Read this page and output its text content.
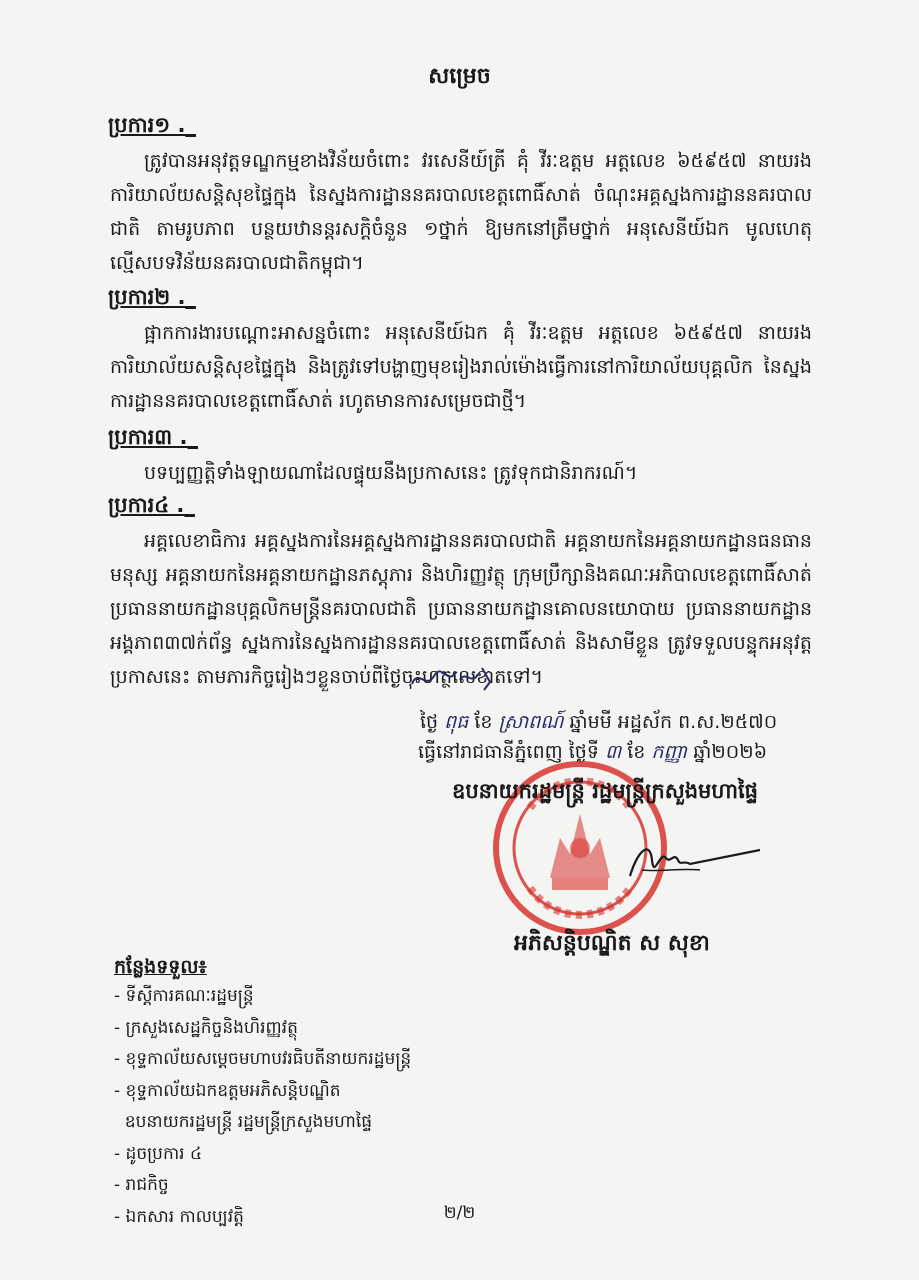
សម្រេច
ប្រការ១ ._
ត្រូវបានអនុវត្តទណ្ឌកម្មខាងវិន័យចំពោះ វរសេនីយ៍ត្រី គុំ វីរៈឧត្តម អត្តលេខ ៦៥៩៥៧ នាយរងការិយាល័យសន្តិសុខផ្ទៃក្នុង នៃស្នងការដ្ឋាននគរបាលខេត្តពោធិ៍សាត់ ចំណុះអគ្គស្នងការដ្ឋាននគរបាលជាតិ តាមរូបភាព បន្ថយឋានន្តរសក្តិចំនួន ១ថ្នាក់ ឱ្យមកនៅត្រឹមថ្នាក់ អនុសេនីយ៍ឯក មូលហេតុ ល្មើសបទវិន័យនគរបាលជាតិកម្ពុជា។
ប្រការ២ ._
ផ្អាកការងារបណ្តោះអាសន្នចំពោះ អនុសេនីយ៍ឯក គុំ វីរៈឧត្តម អត្តលេខ ៦៥៩៥៧ នាយរងការិយាល័យសន្តិសុខផ្ទៃក្នុង និងត្រូវទៅបង្ហាញមុខរៀងរាល់ម៉ោងធ្វើការនៅការិយាល័យបុគ្គលិក នៃស្នងការដ្ឋាននគរបាលខេត្តពោធិ៍សាត់ រហូតមានការសម្រេចជាថ្មី។
ប្រការ៣ ._
បទប្បញ្ញត្តិទាំងឡាយណាដែលផ្ទុយនឹងប្រកាសនេះ ត្រូវទុកជានិរាករណ៍។
ប្រការ៤ ._
អគ្គលេខាធិការ អគ្គស្នងការនៃអគ្គស្នងការដ្ឋាននគរបាលជាតិ អគ្គនាយកនៃអគ្គនាយកដ្ឋានធនធានមនុស្ស អគ្គនាយកនៃអគ្គនាយកដ្ឋានភស្តុភារ និងហិរញ្ញវត្ថុ ក្រុមប្រឹក្សានិងគណៈអភិបាលខេត្តពោធិ៍សាត់ ប្រធាននាយកដ្ឋានបុគ្គលិកមន្ត្រីនគរបាលជាតិ ប្រធាននាយកដ្ឋានគោលនយោបាយ ប្រធាននាយកដ្ឋាន អង្គភាព៣៧ក់ព័ន្ធ ស្នងការនៃស្នងការដ្ឋាននគរបាលខេត្តពោធិ៍សាត់ និងសាមីខ្លួន ត្រូវទទួលបន្ទុកអនុវត្តប្រកាសនេះ តាមភារកិច្ចរៀងៗខ្លួនចាប់ពីថ្ងៃចុះហត្ថលេខាតទៅ។
ថ្ងៃ ពុធ ខែ ស្រាពណ៍ ឆ្នាំមមី អដ្ឋស័ក ព.ស.២៥៧០
ធ្វើនៅរាជធានីភ្នំពេញ ថ្ងៃទី ៣ ខែ កញ្ញា ឆ្នាំ២០២៦
ឧបនាយករដ្ឋមន្ត្រី រដ្ឋមន្ត្រីក្រសួងមហាផ្ទៃ
អភិសន្តិបណ្ឌិត ស សុខា
កន្លែងទទួល៖
- ទីស្តីការគណៈរដ្ឋមន្ត្រី
- ក្រសួងសេដ្ឋកិច្ចនិងហិរញ្ញវត្ថុ
- ខុទ្ទកាល័យសម្តេចមហាបវរធិបតីនាយករដ្ឋមន្ត្រី
- ខុទ្ទកាល័យឯកឧត្តមអភិសន្តិបណ្ឌិត
ឧបនាយករដ្ឋមន្ត្រី រដ្ឋមន្ត្រីក្រសួងមហាផ្ទៃ
- ដូចប្រការ ៤
- រាជកិច្ច
- ឯកសារ កាលប្បវត្តិ	២/២
